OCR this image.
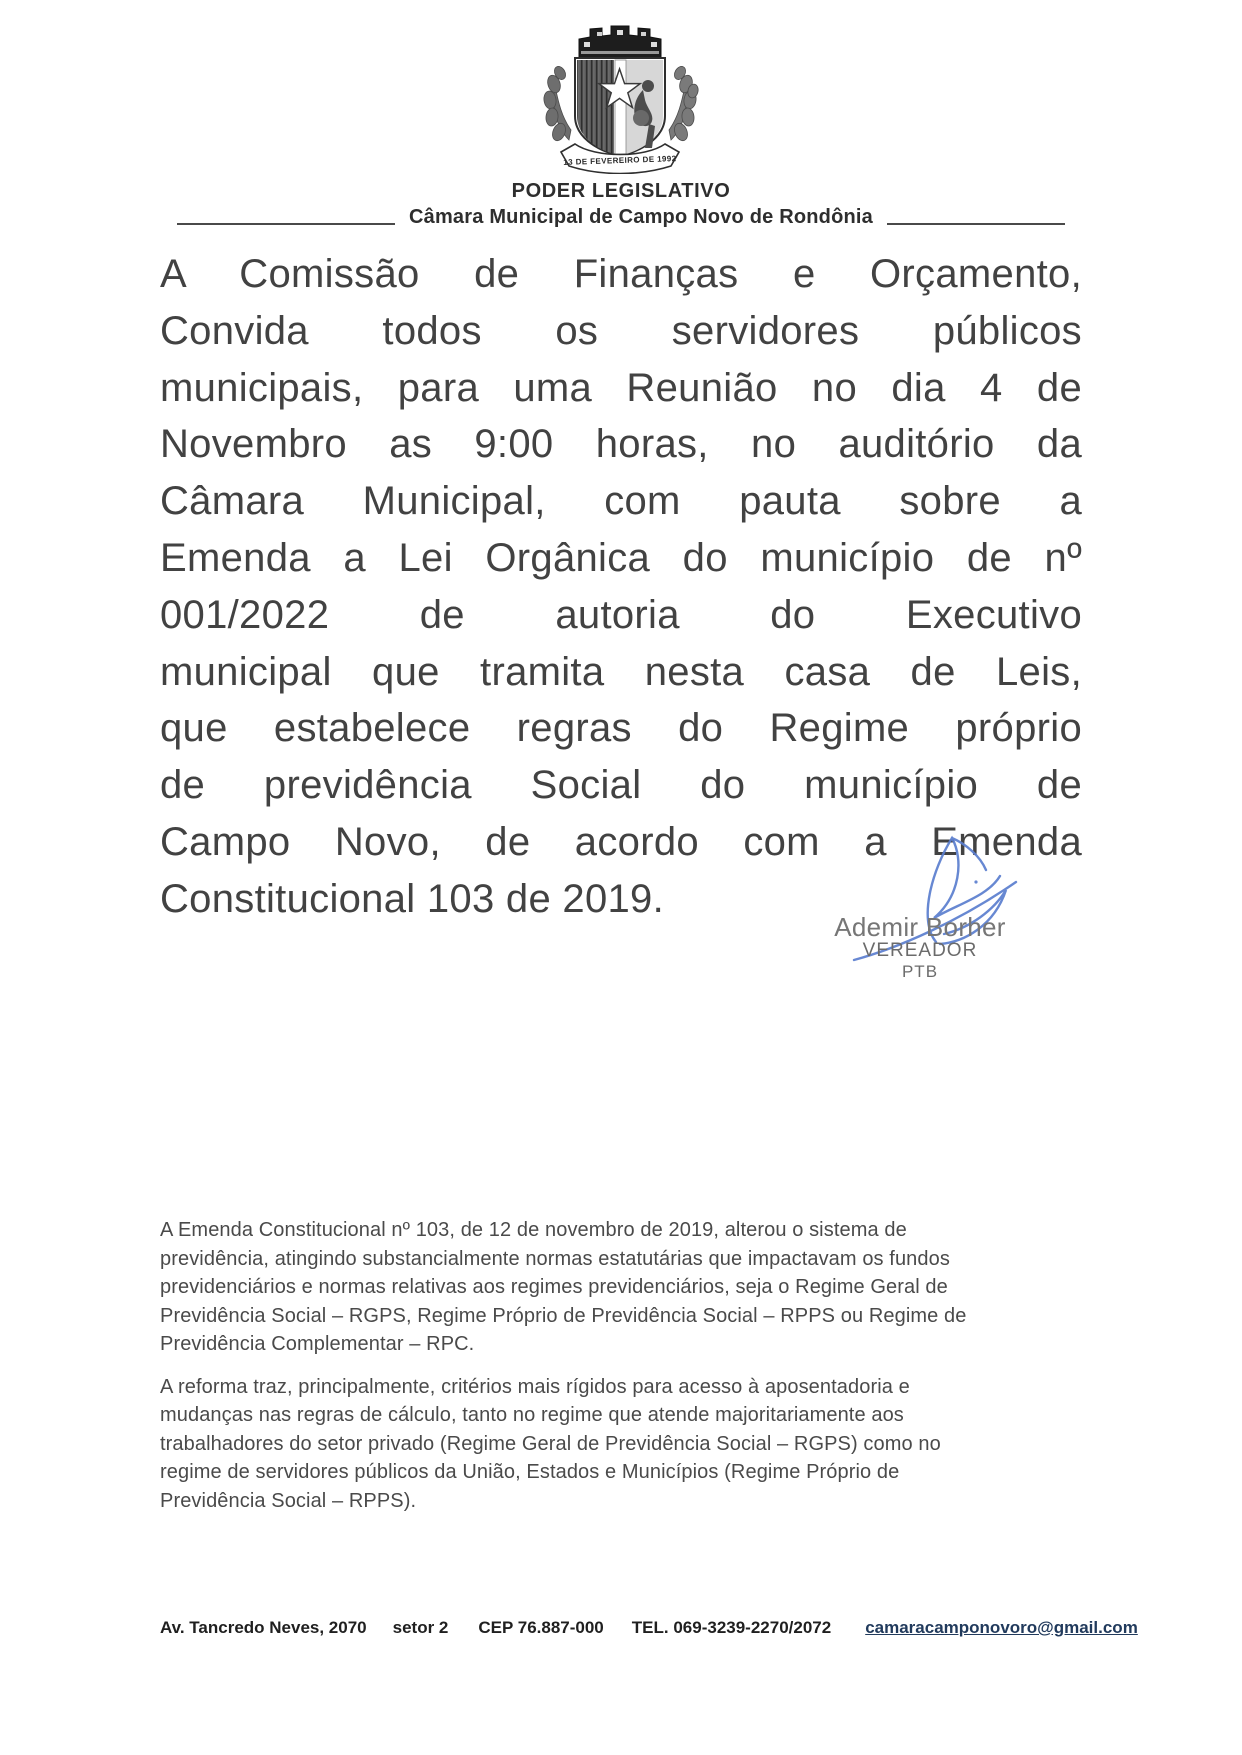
13 DE FEVEREIRO DE 1992
PODER LEGISLATIVO
Câmara Municipal de Campo Novo de Rondônia
A Comissão de Finanças e Orçamento,
Convida todos os servidores públicos
municipais, para uma Reunião no dia 4 de
Novembro as 9:00 horas, no auditório da
Câmara Municipal, com pauta sobre a
Emenda a Lei Orgânica do município de nº
001/2022 de autoria do Executivo
municipal que tramita nesta casa de Leis,
que estabelece regras do Regime próprio
de previdência Social do município de
Campo Novo, de acordo com a Emenda
Constitucional 103 de 2019.
Ademir Borher
VEREADOR
PTB

A Emenda Constitucional nº 103, de 12 de novembro de 2019, alterou o sistema de previdência, atingindo substancialmente normas estatutárias que impactavam os fundos previdenciários e normas relativas aos regimes previdenciários, seja o Regime Geral de Previdência Social – RGPS, Regime Próprio de Previdência Social – RPPS ou Regime de Previdência Complementar – RPC.

A reforma traz, principalmente, critérios mais rígidos para acesso à aposentadoria e mudanças nas regras de cálculo, tanto no regime que atende majoritariamente aos trabalhadores do setor privado (Regime Geral de Previdência Social – RGPS) como no regime de servidores públicos da União, Estados e Municípios (Regime Próprio de Previdência Social – RPPS).

Av. Tancredo Neves, 2070 setor 2 CEP 76.887-000 TEL. 069-3239-2270/2072 camaracamponovoro@gmail.com
